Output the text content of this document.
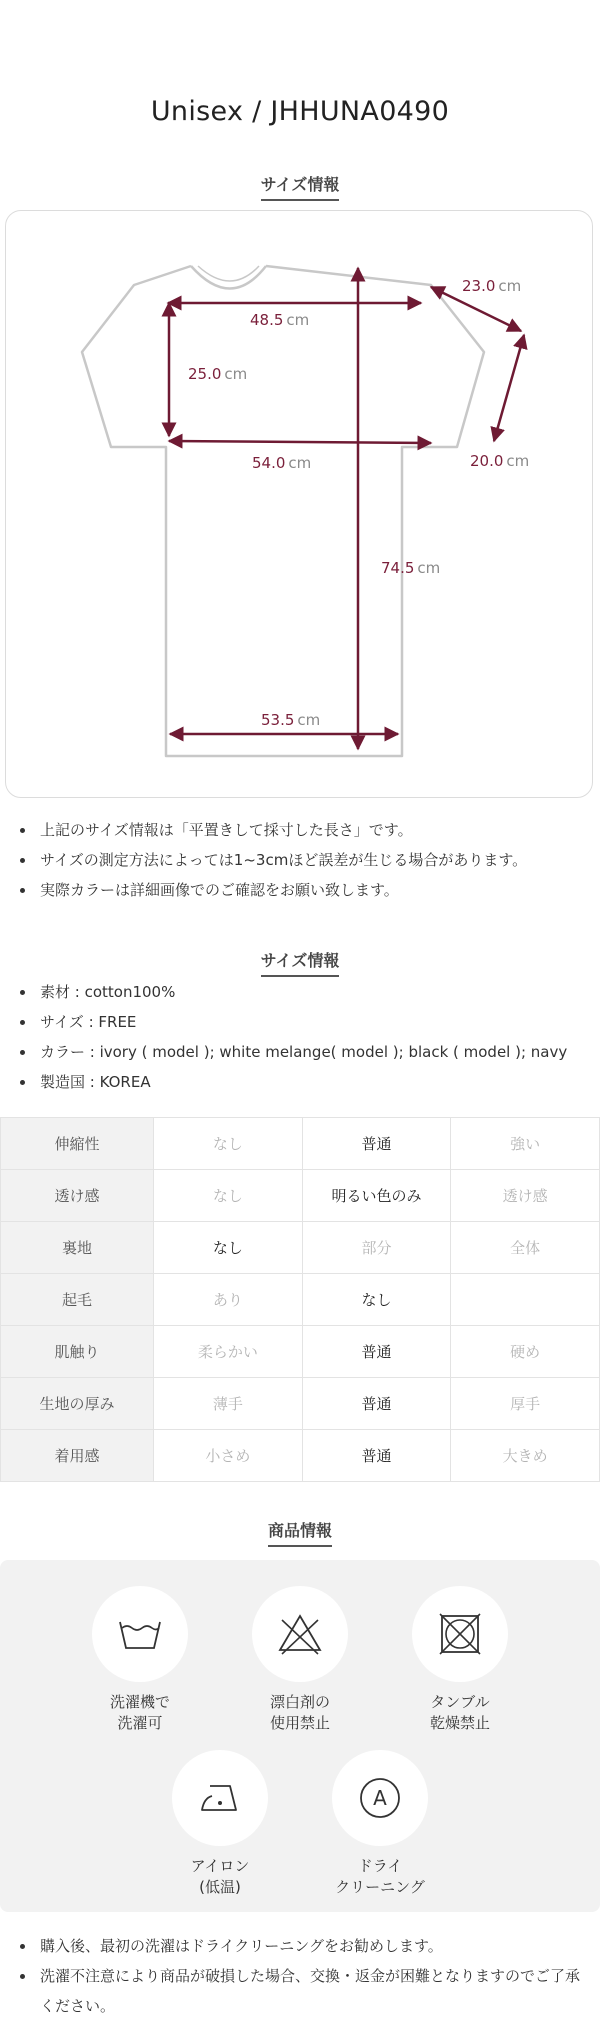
Unisex / JHHUNA0490
サイズ情報
48.5 cm
23.0 cm
25.0 cm
54.0 cm	20.0 cm
74.5 cm
53.5 cm
上記のサイズ情報は「平置きして採寸した長さ」です。
サイズの測定方法によっては1~3cmほど誤差が生じる場合があります。
実際カラーは詳細画像でのご確認をお願い致します。
サイズ情報
素材 : cotton100%
サイズ : FREE
カラー : ivory ( model ); white melange( model ); black ( model ); navy
製造国 : KOREA
伸縮性	なし	普通	強い
透け感	なし	明るい色のみ	透け感
裏地	なし	部分	全体
起毛	あり	なし	
肌触り	柔らかい	普通	硬め
生地の厚み	薄手	普通	厚手
着用感	小さめ	普通	大きめ
商品情報
洗濯機で
洗濯可
漂白剤の
使用禁止
タンブル
乾燥禁止
アイロン
(低温)
A
ドライ
クリーニング
購入後、最初の洗濯はドライクリーニングをお勧めします。
洗濯不注意により商品が破損した場合、交換・返金が困難となりますのでご了承ください。
